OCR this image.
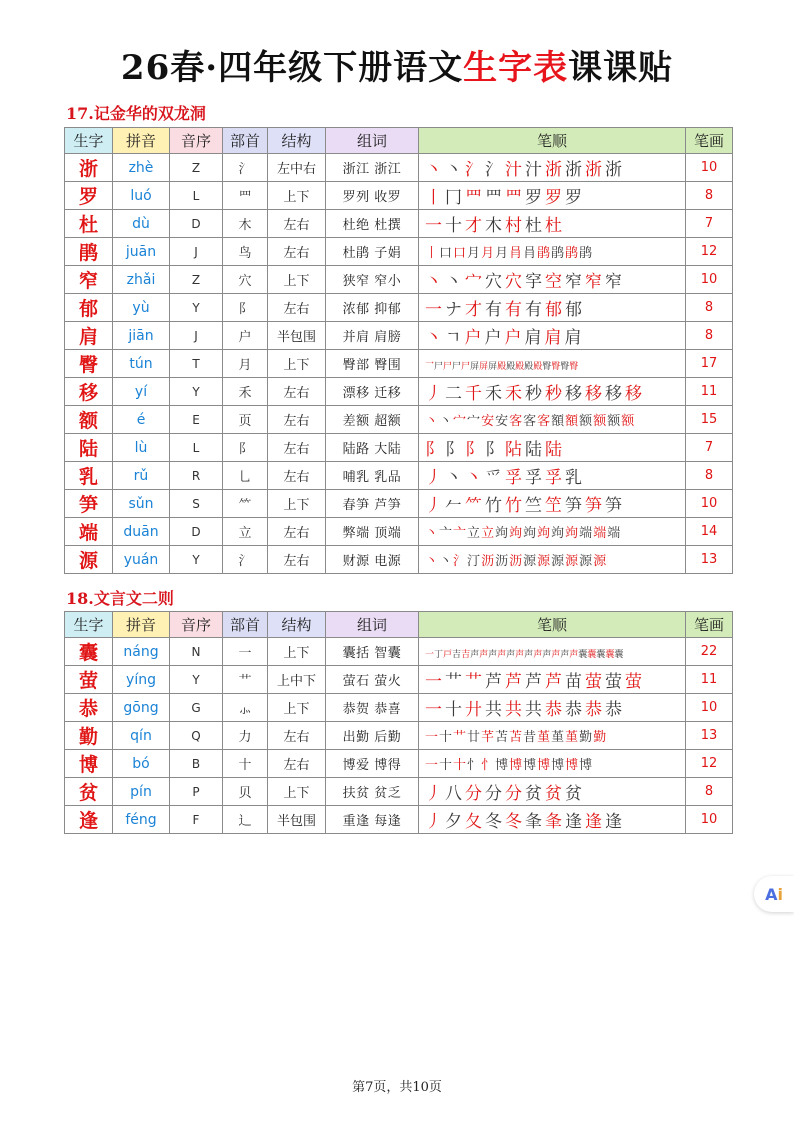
26春·四年级下册语文生字表课课贴
17.记金华的双龙洞
生字	拼音	音序	部首	结构	组词	笔顺	笔画
浙	zhè	Z	氵	左中右	浙江 浙江	丶 丶 氵 氵 汁 汁 浙 浙 浙 浙	10
罗	luó	L	罒	上下	罗列 收罗	丨 冂 罒 罒 罒 罗 罗 罗	8
杜	dù	D	木	左右	杜绝 杜撰	一 十 才 木 村 杜 杜	7
鹃	juān	J	鸟	左右	杜鹃 子娟	丨口口月月月肙肙鹃鹃鹃鹃	12
窄	zhǎi	Z	穴	上下	狭窄 窄小	丶 丶 宀 穴 穴 穻 空 窄 窄 窄	10
郁	yù	Y	阝	左右	浓郁 抑郁	一 ナ 才 有 有 有 郁 郁	8
肩	jiān	J	户	半包围	并肩 肩膀	丶 ㄱ 户 户 户 肩 肩 肩	8
臀	tún	T	月	上下	臀部 臀围	乛尸尸尸尸屏屏屏殿殿殿殿殿臀臀臀臀	17
移	yí	Y	禾	左右	漂移 迁移	丿 二 千 禾 禾 秒 秒 移 移 移 移	11
额	é	E	页	左右	差额 超额	丶丶宀宀安安客客客額額额额额额	15
陆	lù	L	阝	左右	陆路 大陆	阝 阝 阝 阝 阽 陆 陆	7
乳	rǔ	R	乚	左右	哺乳 乳品	丿 丶 丶 爫 孚 孚 孚 乳	8
笋	sǔn	S	⺮	上下	春笋 芦笋	丿 𠂉 ⺮ 竹 竹 竺 笁 笋 笋 笋	10
端	duān	D	立	左右	弊端 顶端	丶亠亠立立竘竘竘竘竘竘端端端	14
源	yuán	Y	氵	左右	财源 电源	丶丶氵汀沥沥沥源源源源源源	13
18.文言文二则
生字	拼音	音序	部首	结构	组词	笔顺	笔画
囊	náng	N	一	上下	囊括 智囊	一丁戸吉吉声声声声声声声声声声声声囊囊囊囊囊	22
萤	yíng	Y	艹	上中下	萤石 萤火	一 艹 艹 芦 芦 芦 芦 苗 萤 萤 萤	11
恭	gōng	G	⺗	上下	恭贺 恭喜	一 十 廾 共 共 共 恭 恭 恭 恭	10
勤	qín	Q	力	左右	出勤 后勤	一十艹廿芊苫苫昔堇堇堇勤勤	13
博	bó	B	十	左右	博爱 博得	一十十忄忄博博博博博博博	12
贫	pín	P	贝	上下	扶贫 贫乏	丿 八 分 分 分 贫 贫 贫	8
逢	féng	F	辶	半包围	重逢 每逢	丿 夕 夂 冬 冬 夆 夆 逢 逢 逢	10
第7页，共10页
A i
